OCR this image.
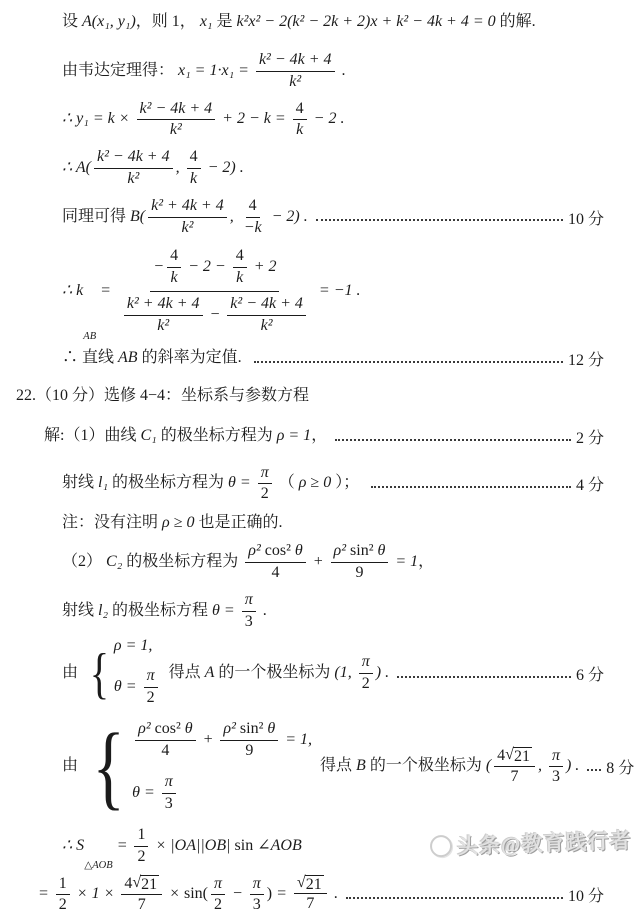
设 A(x₁, y₁) ，则 1 ， x₁ 是 k²x² − 2(k² − 2k + 2)x + k² − 4k + 4 = 0 的解.
由韦达定理得： $x_1 = 1\cdot x_1 = \frac{\text{k² − 4k + 4}}{\text{k²}}$ .
∴ $y_1 = k \times \frac{\text{k² − 4k + 4}}{\text{k²}} + 2 - k = \frac{4}{k} - 2$ .
∴ $A( \frac{\text{k² − 4k + 4}}{\text{k²}}$ , $\frac{4}{k} - 2$) .
同理可得 $B( \frac{\text{k² + 4k + 4}}{\text{k²}}$ , $\frac{4}{-k} - 2$) .	10 分
∴ k
AB
= $\frac{- \frac{4}{k} - 2 - \frac{4}{k} + 2}{\frac{\text{k² + 4k + 4}}{\text{k²}} - \frac{\text{k² − 4k + 4}}{\text{k²}}} = -1$ .
∴ 直线 AB 的斜率为定值.	12 分
22.（10 分）选修 4−4：坐标系与参数方程
解:（1）曲线 C₁ 的极坐标方程为 ρ = 1 ，	2 分
射线 l₁ 的极坐标方程为 $\theta = \frac{\pi}{2}$ （ ρ ≥ 0 ）；	4 分
注：没有注明 ρ ≥ 0 也是正确的.
（2） C₂ 的极坐标方程为 $\frac{\text{ρ² cos² θ}}{4} + \frac{\text{ρ² sin² θ}}{9} = 1$ ，
射线 l₂ 的极坐标方程 $\theta = \frac{\pi}{3}$ .
由 { ρ = 1,
$\theta = \frac{\pi}{2}$ 得点 A 的一个极坐标为 (1, $\frac{\pi}{2}$ ) .	6 分
由 { $\frac{\text{ρ² cos² θ}}{4} + \frac{\text{ρ² sin² θ}}{9} = 1$,
$\theta = \frac{\pi}{3}$
得点 B 的一个极坐标为 ( $\frac{4 √ 21}{7}$ , $\frac{\pi}{3}$ ) . 8 分
∴ S
△AOB
= $\frac{1}{2} \times |OA||OB|$ sin ∠AOB
= $\frac{1}{2} \times 1 \times \frac{4 √ 21}{7} \times \sin( \frac{\pi}{2} - \frac{\pi}{3}$ ) = $\frac{√ 21}{7}$ .	10 分
头条@教育践行者
